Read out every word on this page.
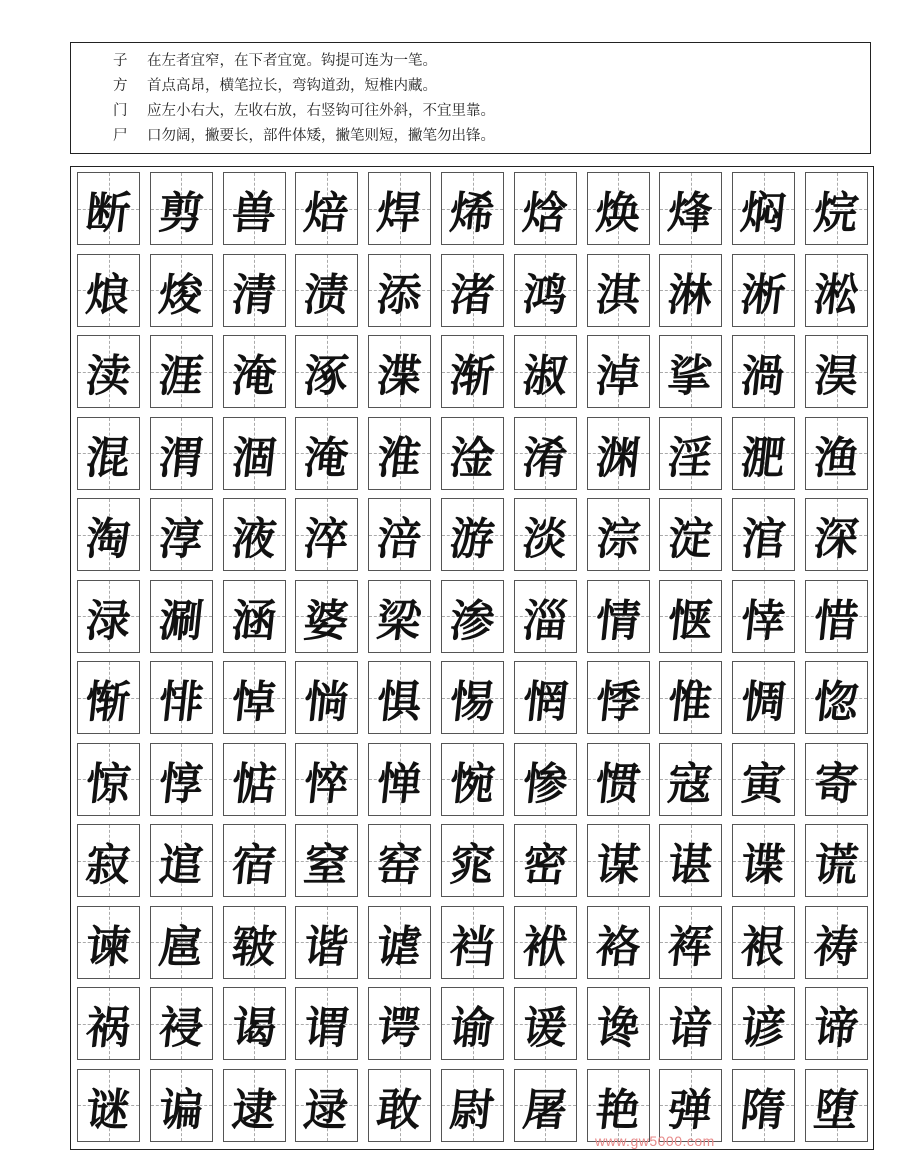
子 在左者宜窄，在下者宜宽。钩提可连为一笔。
方 首点高昂，横笔拉长，弯钩道劲，短椎内藏。
门 应左小右大，左收右放，右竖钩可往外斜，不宜里靠。
尸 口勿阔，撇要长，部件体矮，撇笔则短，撇笔勿出锋。
断 剪 兽 焙 焊 烯 焓 焕 烽 焖 烷
烺 焌 清 渍 添 渚 鸿 淇 淋 淅 淞
渎 涯 淹 涿 渫 渐 淑 淖 挲 渦 淏
混 渭 涸 淹 淮 淦 淆 渊 淫 淝 渔
淘 淳 液 淬 涪 游 淡 淙 淀 涫 深
渌 涮 涵 婆 梁 渗 淄 情 惬 悻 惜
惭 悱 悼 惝 惧 惕 惘 悸 惟 惆 惚
惊 惇 惦 悴 惮 惋 惨 惯 寇 寅 寄
寂 逭 宿 窒 窑 窕 密 谋 谌 谍 谎
谏 扈 皲 谐 谑 裆 袱 袼 裈 裉 祷
祸 祲 谒 谓 谔 谕 谖 谗 谙 谚 谛
谜 谝 逮 逯 敢 尉 屠 艳 弹 隋 堕
www.gw5000.com
